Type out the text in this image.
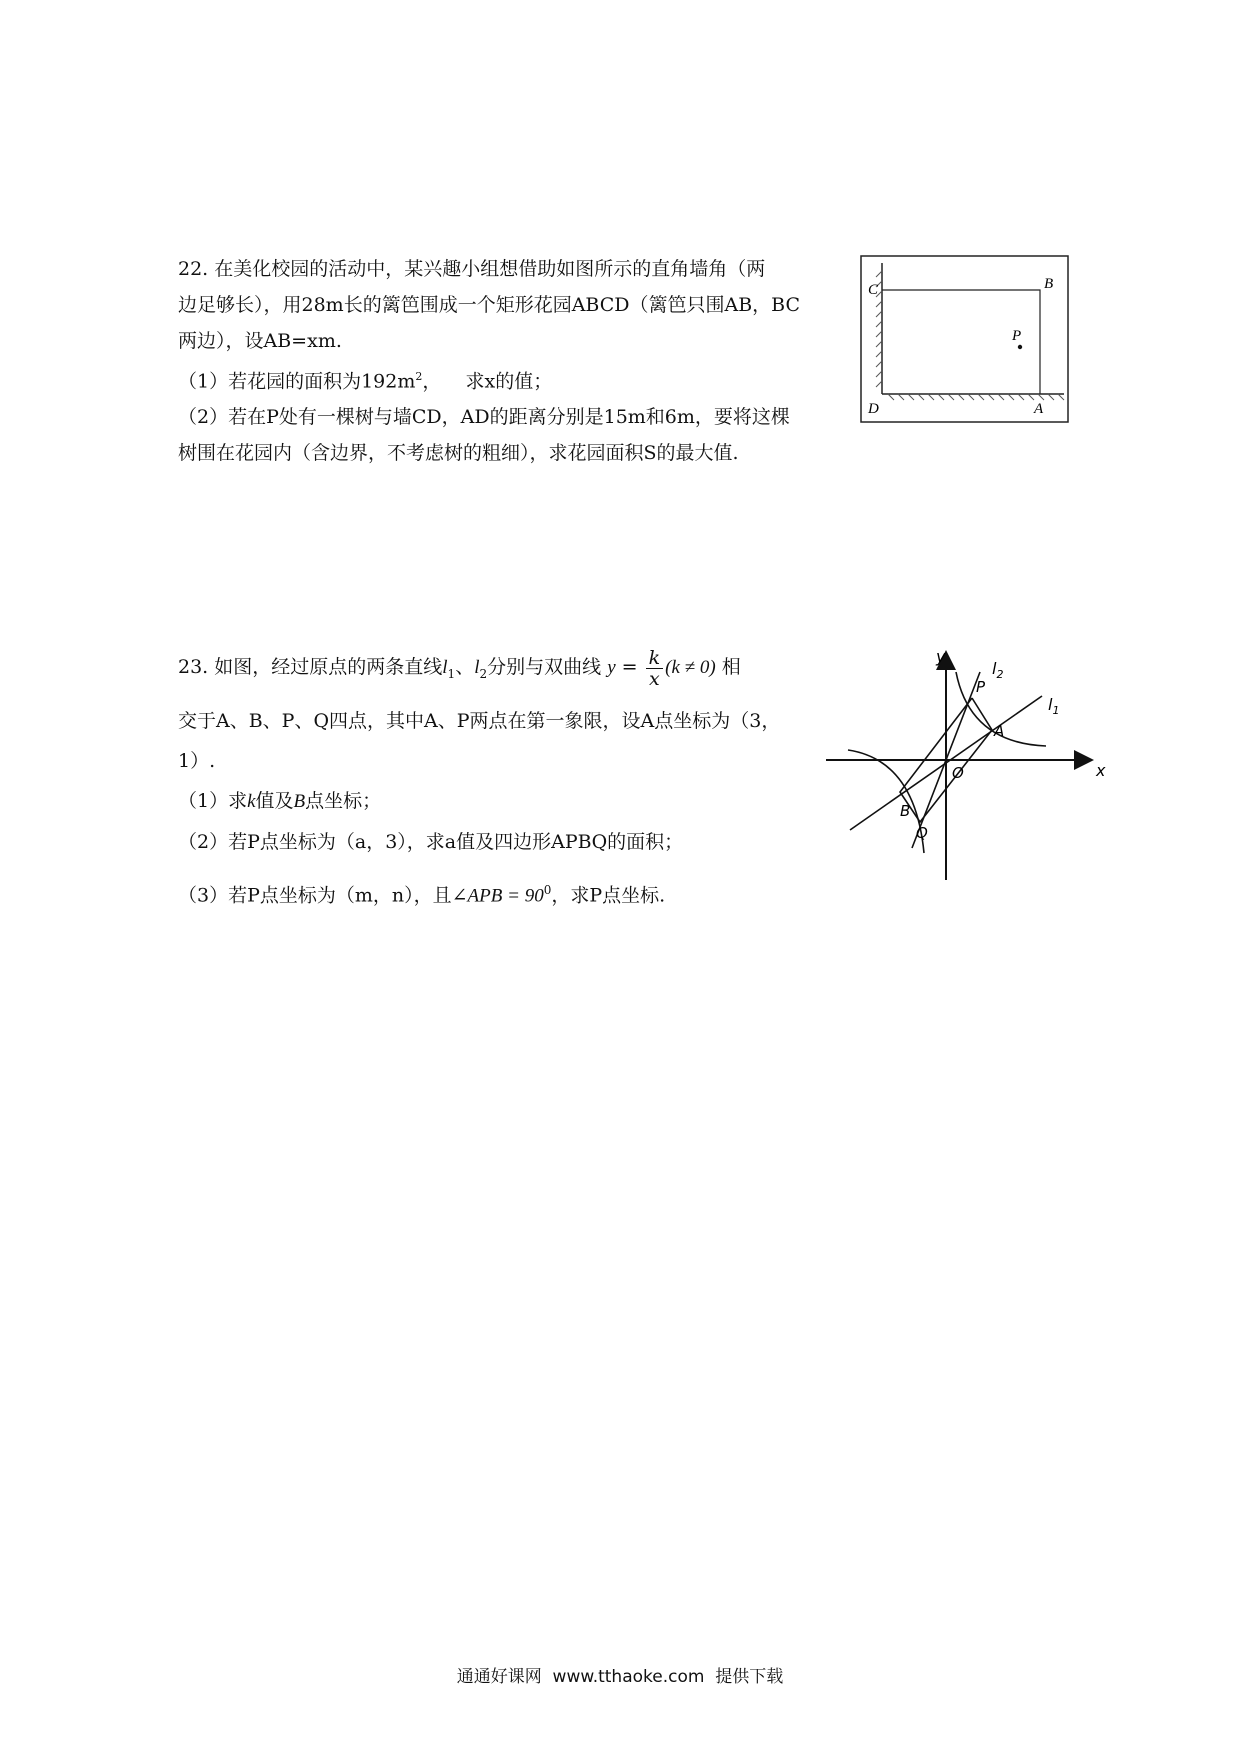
22. 在美化校园的活动中，某兴趣小组想借助如图所示的直角墙角（两

边足够长），用28m长的篱笆围成一个矩形花园ABCD（篱笆只围AB，BC

两边），设AB=xm.

（1）若花园的面积为$192m^2$，    求x的值；

（2）若在P处有一棵树与墙CD，AD的距离分别是15m和6m，要将这棵

树围在花园内（含边界，不考虑树的粗细），求花园面积S的最大值.

C	B
P
D	A

23. 如图，经过原点的两条直线$l_1$、$l_2$分别与双曲线 $y = \frac{k}{x} (k \ne 0)$ 相

交于A、B、P、Q四点，其中A、P两点在第一象限，设A点坐标为（3，

1）.

（1）求k值及B点坐标；

（2）若P点坐标为（a，3），求a值及四边形APBQ的面积；

（3）若P点坐标为（m，n），且∠APB = $90^0$，求P点坐标.

y
x
$l_2$
$l_1$
P
A
O
B
Q
通通好课网  www.tthaoke.com  提供下载
